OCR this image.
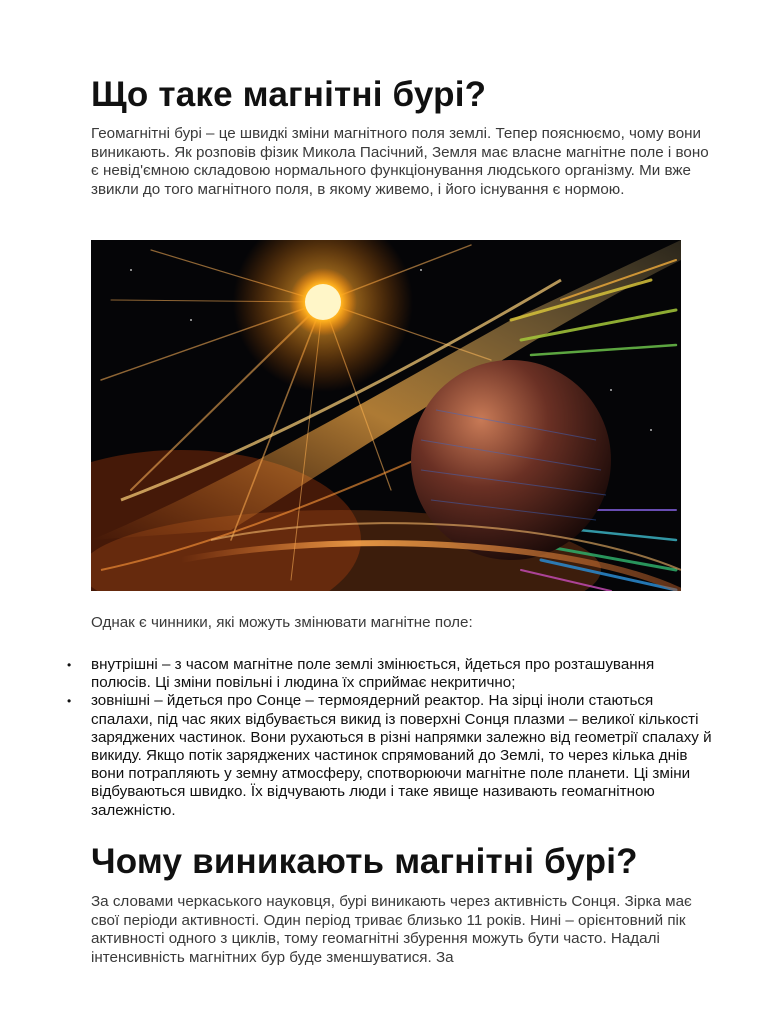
Що таке магнітні бурі?

Геомагнітні бурі – це швидкі зміни магнітного поля землі. Тепер пояснюємо, чому вони виникають. Як розповів фізик Микола Пасічний, Земля має власне магнітне поле і воно є невід'ємною складовою нормального функціонування людського організму. Ми вже звикли до того магнітного поля, в якому живемо, і його існування є нормою.

Однак є чинники, які можуть змінювати магнітне поле:

• внутрішні – з часом магнітне поле землі змінюється, йдеться про розташування полюсів. Ці зміни повільні і людина їх сприймає некритично;
• зовнішні – йдеться про Сонце – термоядерний реактор. На зірці іноли стаються спалахи, під час яких відбувається викид із поверхні Сонця плазми – великої кількості заряджених частинок. Вони рухаються в різні напрямки залежно від геометрії спалаху й викиду. Якщо потік заряджених частинок спрямований до Землі, то через кілька днів вони потрапляють у земну атмосферу, спотворюючи магнітне поле планети. Ці зміни відбуваються швидко. Їх відчувають люди і таке явище називають геомагнітною залежністю.
Чому виникають магнітні бурі?

За словами черкаського науковця, бурі виникають через активність Сонця. Зірка має свої періоди активності. Один період триває близько 11 років. Нині – орієнтовний пік активності одного з циклів, тому геомагнітні збурення можуть бути часто. Надалі інтенсивність магнітних бур буде зменшуватися. За
